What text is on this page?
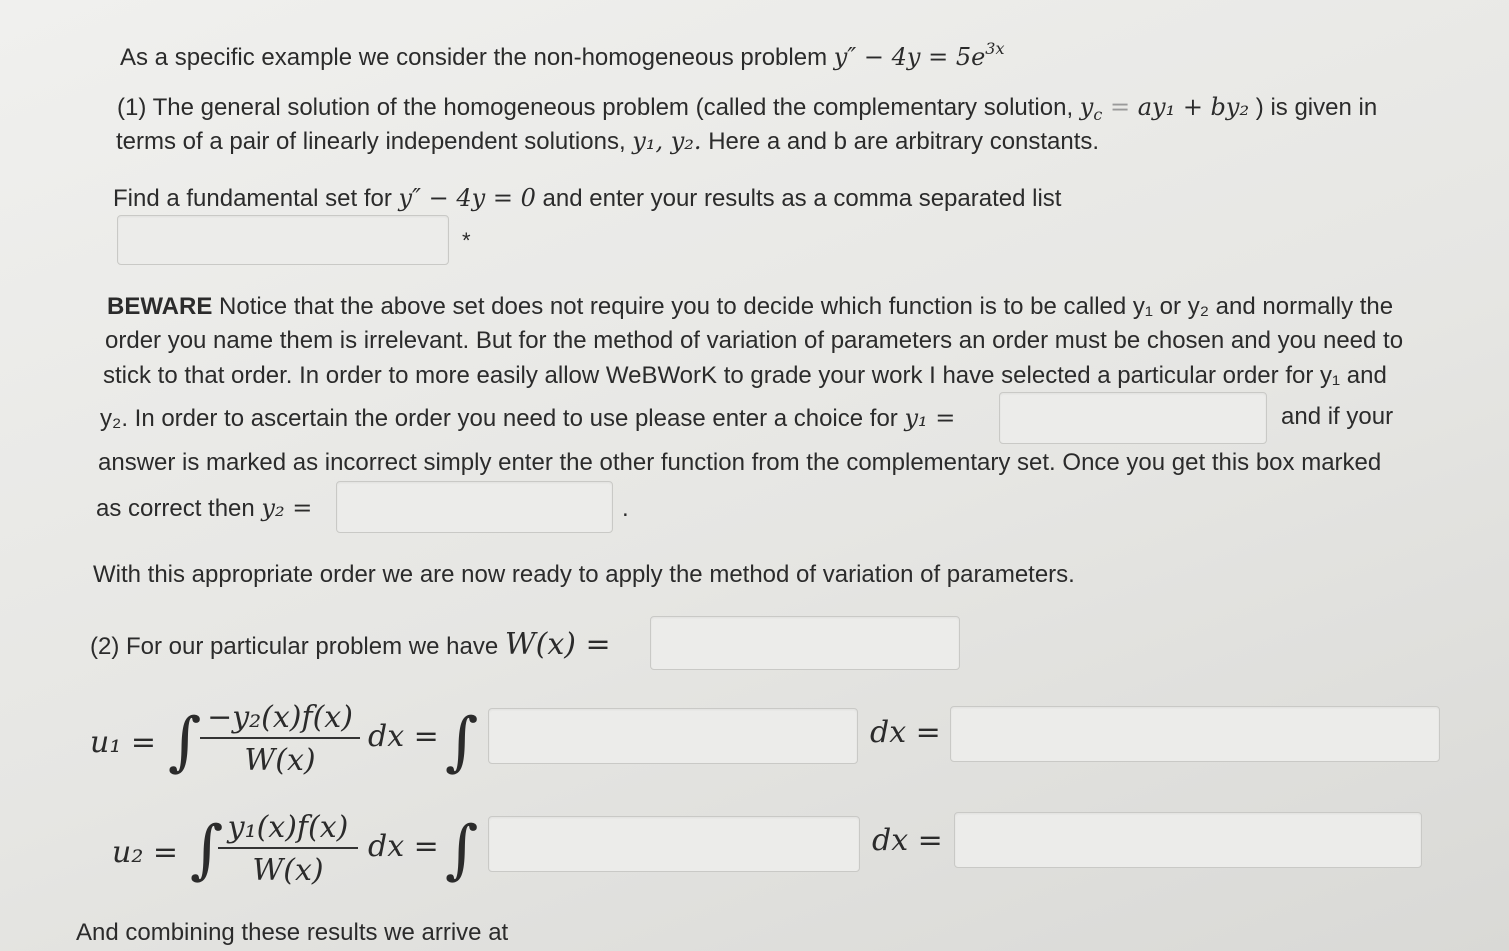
As a specific example we consider the non-homogeneous problem $y'' - 4y = 5e^{3x}$
(1) The general solution of the homogeneous problem (called the complementary solution, $y_c = ay_1 + by_2$ ) is given in
terms of a pair of linearly independent solutions, y₁, y₂. Here a and b are arbitrary constants.
Find a fundamental set for y″ − 4y = 0 and enter your results as a comma separated list
*
BEWARE Notice that the above set does not require you to decide which function is to be called y₁ or y₂ and normally the
order you name them is irrelevant. But for the method of variation of parameters an order must be chosen and you need to
stick to that order. In order to more easily allow WeBWorK to grade your work I have selected a particular order for y₁ and
y₂. In order to ascertain the order you need to use please enter a choice for y₁ =	and if your
answer is marked as incorrect simply enter the other function from the complementary set. Once you get this box marked
as correct then y₂ =	.
With this appropriate order we are now ready to apply the method of variation of parameters.
(2) For our particular problem we have W(x) =
u₁ = ∫
$\frac{\text{−y₂(x)f(x)}}{W(x)}$ dx = ∫	dx =
u₂ = ∫
$\frac{\text{y₁(x)f(x)}}{W(x)}$ dx = ∫	dx =
And combining these results we arrive at
